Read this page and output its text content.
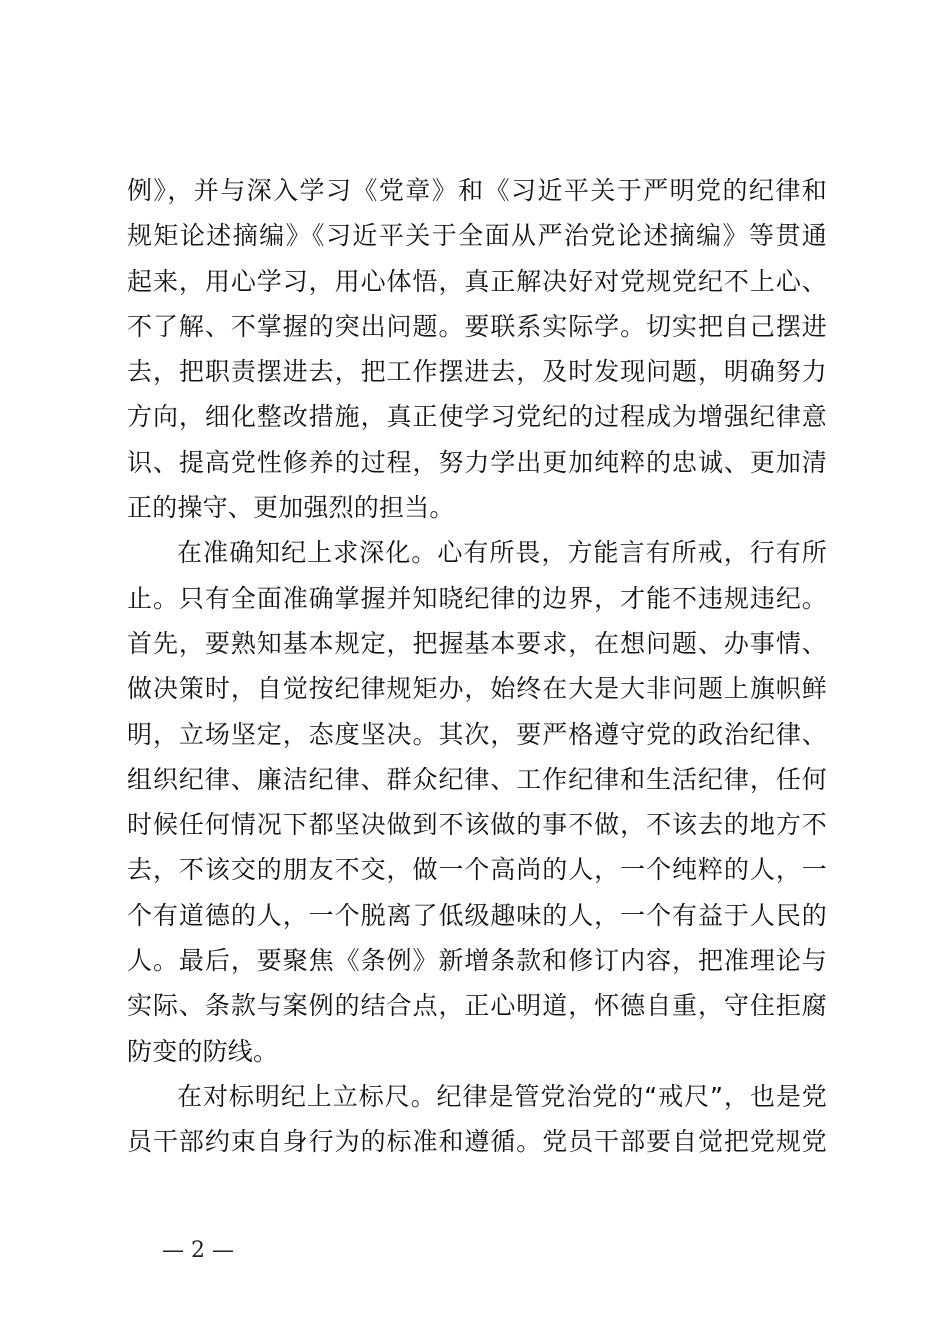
例》，并与深入学习《党章》和《习近平关于严明党的纪律和
规矩论述摘编》《习近平关于全面从严治党论述摘编》等贯通
起来，用心学习，用心体悟，真正解决好对党规党纪不上心、
不了解、不掌握的突出问题。要联系实际学。切实把自己摆进
去，把职责摆进去，把工作摆进去，及时发现问题，明确努力
方向，细化整改措施，真正使学习党纪的过程成为增强纪律意
识、提高党性修养的过程，努力学出更加纯粹的忠诚、更加清
正的操守、更加强烈的担当。
在准确知纪上求深化。心有所畏，方能言有所戒，行有所
止。只有全面准确掌握并知晓纪律的边界，才能不违规违纪。
首先，要熟知基本规定，把握基本要求，在想问题、办事情、
做决策时，自觉按纪律规矩办，始终在大是大非问题上旗帜鲜
明，立场坚定，态度坚决。其次，要严格遵守党的政治纪律、
组织纪律、廉洁纪律、群众纪律、工作纪律和生活纪律，任何
时候任何情况下都坚决做到不该做的事不做，不该去的地方不
去，不该交的朋友不交，做一个高尚的人，一个纯粹的人，一
个有道德的人，一个脱离了低级趣味的人，一个有益于人民的
人。最后，要聚焦《条例》新增条款和修订内容，把准理论与
实际、条款与案例的结合点，正心明道，怀德自重，守住拒腐
防变的防线。
在对标明纪上立标尺。纪律是管党治党的“戒尺”，也是党
员干部约束自身行为的标准和遵循。党员干部要自觉把党规党
— 2 —
